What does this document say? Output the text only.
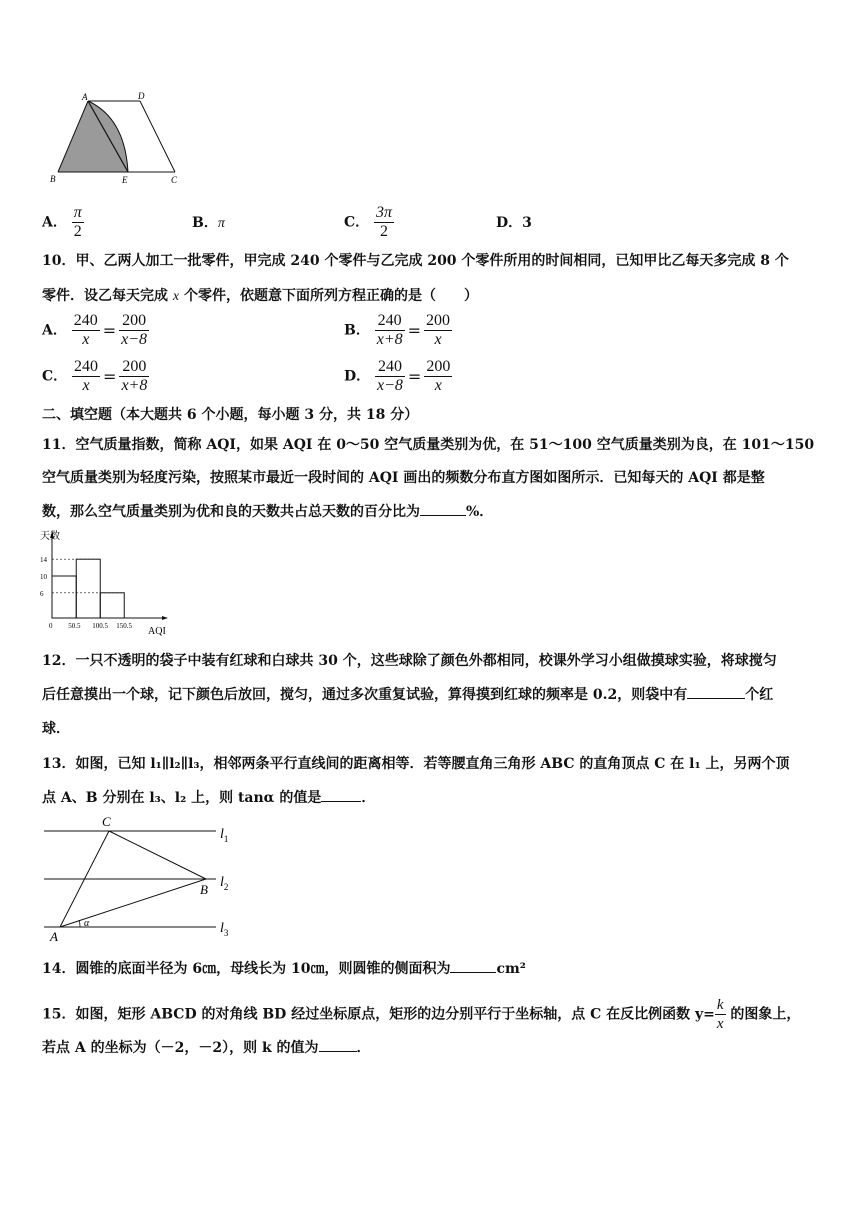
A	D
B	E	C
A． $\frac{\pi}{2}$	B．π	C． $\frac{3\pi}{2}$	D．3
10．甲、乙两人加工一批零件，甲完成 240 个零件与乙完成 200 个零件所用的时间相同，已知甲比乙每天多完成 8 个
零件．设乙每天完成 x 个零件，依题意下面所列方程正确的是（　　）
A． $\frac{240}{x} = \frac{200}{x-8}$	B． $\frac{240}{x+8} = \frac{200}{x}$
C． $\frac{240}{x} = \frac{200}{x+8}$	D． $\frac{240}{x-8} = \frac{200}{x}$
二、填空题（本大题共 6 个小题，每小题 3 分，共 18 分）
11．空气质量指数，简称 AQI，如果 AQI 在 0～50 空气质量类别为优，在 51～100 空气质量类别为良，在 101～150
空气质量类别为轻度污染，按照某市最近一段时间的 AQI 画出的频数分布直方图如图所示．已知每天的 AQI 都是整
数，那么空气质量类别为优和良的天数共占总天数的百分比为	%．
天数
AQI
14
10
6
0 50.5 100.5 150.5
12．一只不透明的袋子中装有红球和白球共 30 个，这些球除了颜色外都相同，校课外学习小组做摸球实验，将球搅匀
后任意摸出一个球，记下颜色后放回，搅匀，通过多次重复试验，算得摸到红球的频率是 0.2，则袋中有	个红
球．
13．如图，已知 l₁∥l₂∥l₃，相邻两条平行直线间的距离相等．若等腰直角三角形 ABC 的直角顶点 C 在 l₁ 上，另两个顶
点 A、B 分别在 l₃、l₂ 上，则 tanα 的值是	．
C
B
A
α
$l_1$
$l_2$
$l_3$
14．圆锥的底面半径为 6㎝，母线长为 10㎝，则圆锥的侧面积为	cm²
15．如图，矩形 ABCD 的对角线 BD 经过坐标原点，矩形的边分别平行于坐标轴，点 C 在反比例函数 $y= \frac{k}{x}$ 的图象上，
若点 A 的坐标为（－2，－2），则 k 的值为	．
